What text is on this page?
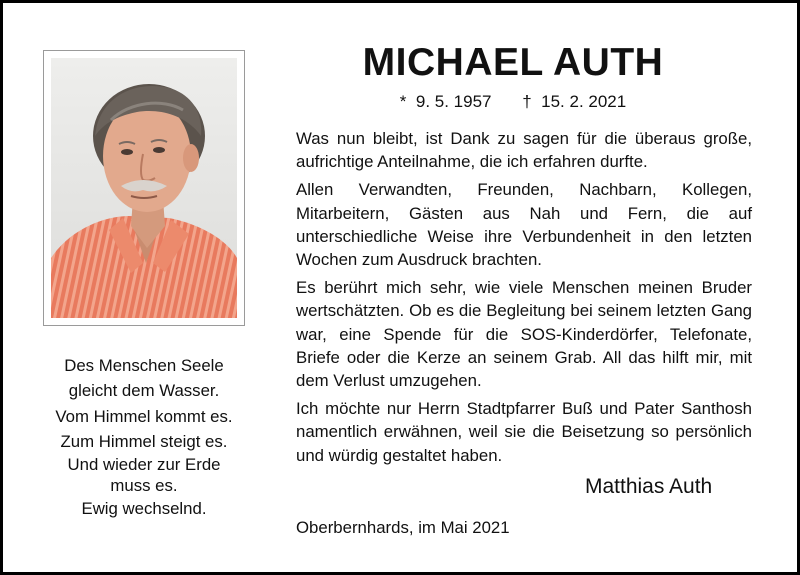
MICHAEL AUTH
* 9. 5. 1957 † 15. 2. 2021

Was nun bleibt, ist Dank zu sagen für die überaus große, aufrichtige Anteilnahme, die ich erfahren durfte.

Allen Verwandten, Freunden, Nachbarn, Kollegen, Mitarbeitern, Gästen aus Nah und Fern, die auf unterschiedliche Weise ihre Verbundenheit in den letzten Wochen zum Ausdruck brachten.

Es berührt mich sehr, wie viele Menschen meinen Bruder wertschätzten. Ob es die Begleitung bei seinem letzten Gang war, eine Spende für die SOS-Kinderdörfer, Telefonate, Briefe oder die Kerze an seinem Grab. All das hilft mir, mit dem Verlust umzugehen.

Ich möchte nur Herrn Stadtpfarrer Buß und Pater Santhosh namentlich erwähnen, weil sie die Beisetzung so persönlich und würdig gestaltet haben.

Matthias Auth
Oberbernhards, im Mai 2021
Des Menschen Seele
gleicht dem Wasser.
Vom Himmel kommt es.
Zum Himmel steigt es.
Und wieder zur Erde
muss es.
Ewig wechselnd.
